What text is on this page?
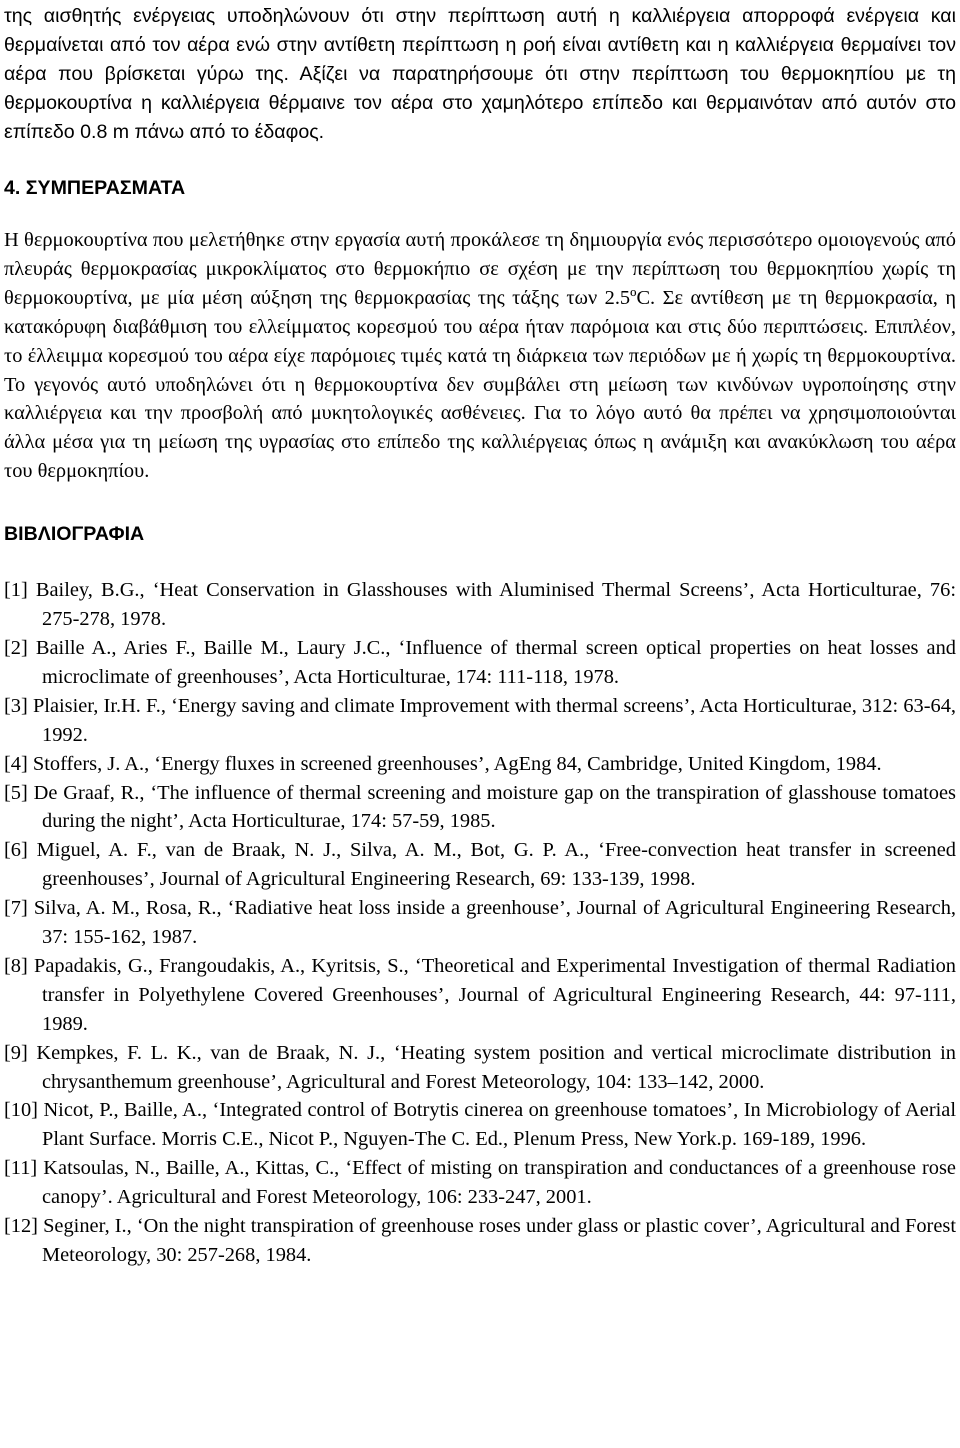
της αισθητής ενέργειας υποδηλώνουν ότι στην περίπτωση αυτή η καλλιέργεια απορροφά ενέργεια και θερμαίνεται από τον αέρα ενώ στην αντίθετη περίπτωση η ροή είναι αντίθετη και η καλλιέργεια θερμαίνει τον αέρα που βρίσκεται γύρω της. Αξίζει να παρατηρήσουμε ότι στην περίπτωση του θερμοκηπίου με τη θερμοκουρτίνα η καλλιέργεια θέρμαινε τον αέρα στο χαμηλότερο επίπεδο και θερμαινόταν από αυτόν στο επίπεδο 0.8 m πάνω από το έδαφος.

4. ΣΥΜΠΕΡΑΣΜΑΤΑ

Η θερμοκουρτίνα που μελετήθηκε στην εργασία αυτή προκάλεσε τη δημιουργία ενός περισσότερο ομοιογενούς από πλευράς θερμοκρασίας μικροκλίματος στο θερμοκήπιο σε σχέση με την περίπτωση του θερμοκηπίου χωρίς τη θερμοκουρτίνα, με μία μέση αύξηση της θερμοκρασίας της τάξης των 2.5ºC. Σε αντίθεση με τη θερμοκρασία, η κατακόρυφη διαβάθμιση του ελλείμματος κορεσμού του αέρα ήταν παρόμοια και στις δύο περιπτώσεις. Επιπλέον, το έλλειμμα κορεσμού του αέρα είχε παρόμοιες τιμές κατά τη διάρκεια των περιόδων με ή χωρίς τη θερμοκουρτίνα. Το γεγονός αυτό υποδηλώνει ότι η θερμοκουρτίνα δεν συμβάλει στη μείωση των κινδύνων υγροποίησης στην καλλιέργεια και την προσβολή από μυκητολογικές ασθένειες. Για το λόγο αυτό θα πρέπει να χρησιμοποιούνται άλλα μέσα για τη μείωση της υγρασίας στο επίπεδο της καλλιέργειας όπως η ανάμιξη και ανακύκλωση του αέρα του θερμοκηπίου.

ΒΙΒΛΙΟΓΡΑΦΙΑ
[1] Bailey, B.G., ‘Heat Conservation in Glasshouses with Aluminised Thermal Screens’, Acta Horticulturae, 76: 275-278, 1978.
[2] Baille A., Aries F., Baille M., Laury J.C., ‘Influence of thermal screen optical properties on heat losses and microclimate of greenhouses’, Acta Horticulturae, 174: 111-118, 1978.
[3] Plaisier, Ir.H. F., ‘Energy saving and climate Improvement with thermal screens’, Acta Horticulturae, 312: 63-64, 1992.
[4] Stoffers, J. A., ‘Energy fluxes in screened greenhouses’, AgEng 84, Cambridge, United Kingdom, 1984.
[5] De Graaf, R., ‘The influence of thermal screening and moisture gap on the transpiration of glasshouse tomatoes during the night’, Acta Horticulturae, 174: 57-59, 1985.
[6] Miguel, A. F., van de Braak, N. J., Silva, A. M., Bot, G. P. A., ‘Free-convection heat transfer in screened greenhouses’, Journal of Agricultural Engineering Research, 69: 133-139, 1998.
[7] Silva, A. M., Rosa, R., ‘Radiative heat loss inside a greenhouse’, Journal of Agricultural Engineering Research, 37: 155-162, 1987.
[8] Papadakis, G., Frangoudakis, A., Kyritsis, S., ‘Theoretical and Experimental Investigation of thermal Radiation transfer in Polyethylene Covered Greenhouses’, Journal of Agricultural Engineering Research, 44: 97-111, 1989.
[9] Kempkes, F. L. K., van de Braak, N. J., ‘Heating system position and vertical microclimate distribution in chrysanthemum greenhouse’, Agricultural and Forest Meteorology, 104: 133–142, 2000.
[10] Nicot, P., Baille, A., ‘Integrated control of Botrytis cinerea on greenhouse tomatoes’, In Microbiology of Aerial Plant Surface. Morris C.E., Nicot P., Nguyen-The C. Ed., Plenum Press, New York.p. 169-189, 1996.
[11] Katsoulas, N., Baille, A., Kittas, C., ‘Effect of misting on transpiration and conductances of a greenhouse rose canopy’. Agricultural and Forest Meteorology, 106: 233-247, 2001.
[12] Seginer, I., ‘On the night transpiration of greenhouse roses under glass or plastic cover’, Agricultural and Forest Meteorology, 30: 257-268, 1984.
